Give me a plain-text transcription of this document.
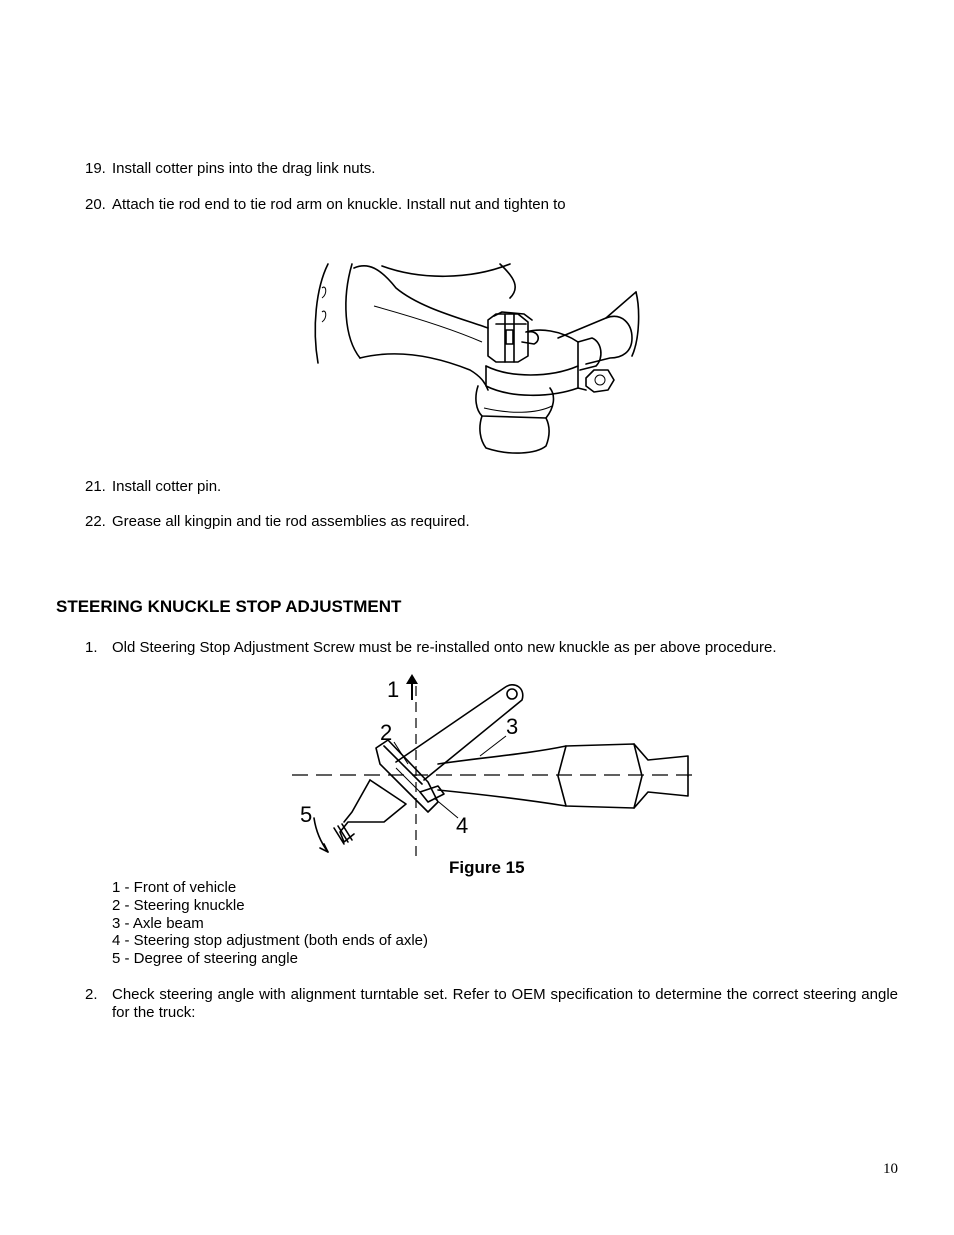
19. Install cotter pins into the drag link nuts.
20. Attach tie rod end to tie rod arm on knuckle. Install nut and tighten to
21. Install cotter pin.
22. Grease all kingpin and tie rod assemblies as required.
STEERING KNUCKLE STOP ADJUSTMENT
1. Old Steering Stop Adjustment Screw must be re-installed onto new knuckle as per above procedure.
1
2	3
4
5
Figure 15
1 - Front of vehicle
2 - Steering knuckle
3 - Axle beam
4 - Steering stop adjustment (both ends of axle)
5 - Degree of steering angle
2. Check steering angle with alignment turntable set. Refer to OEM specification to determine the correct steering angle for the truck:
10
